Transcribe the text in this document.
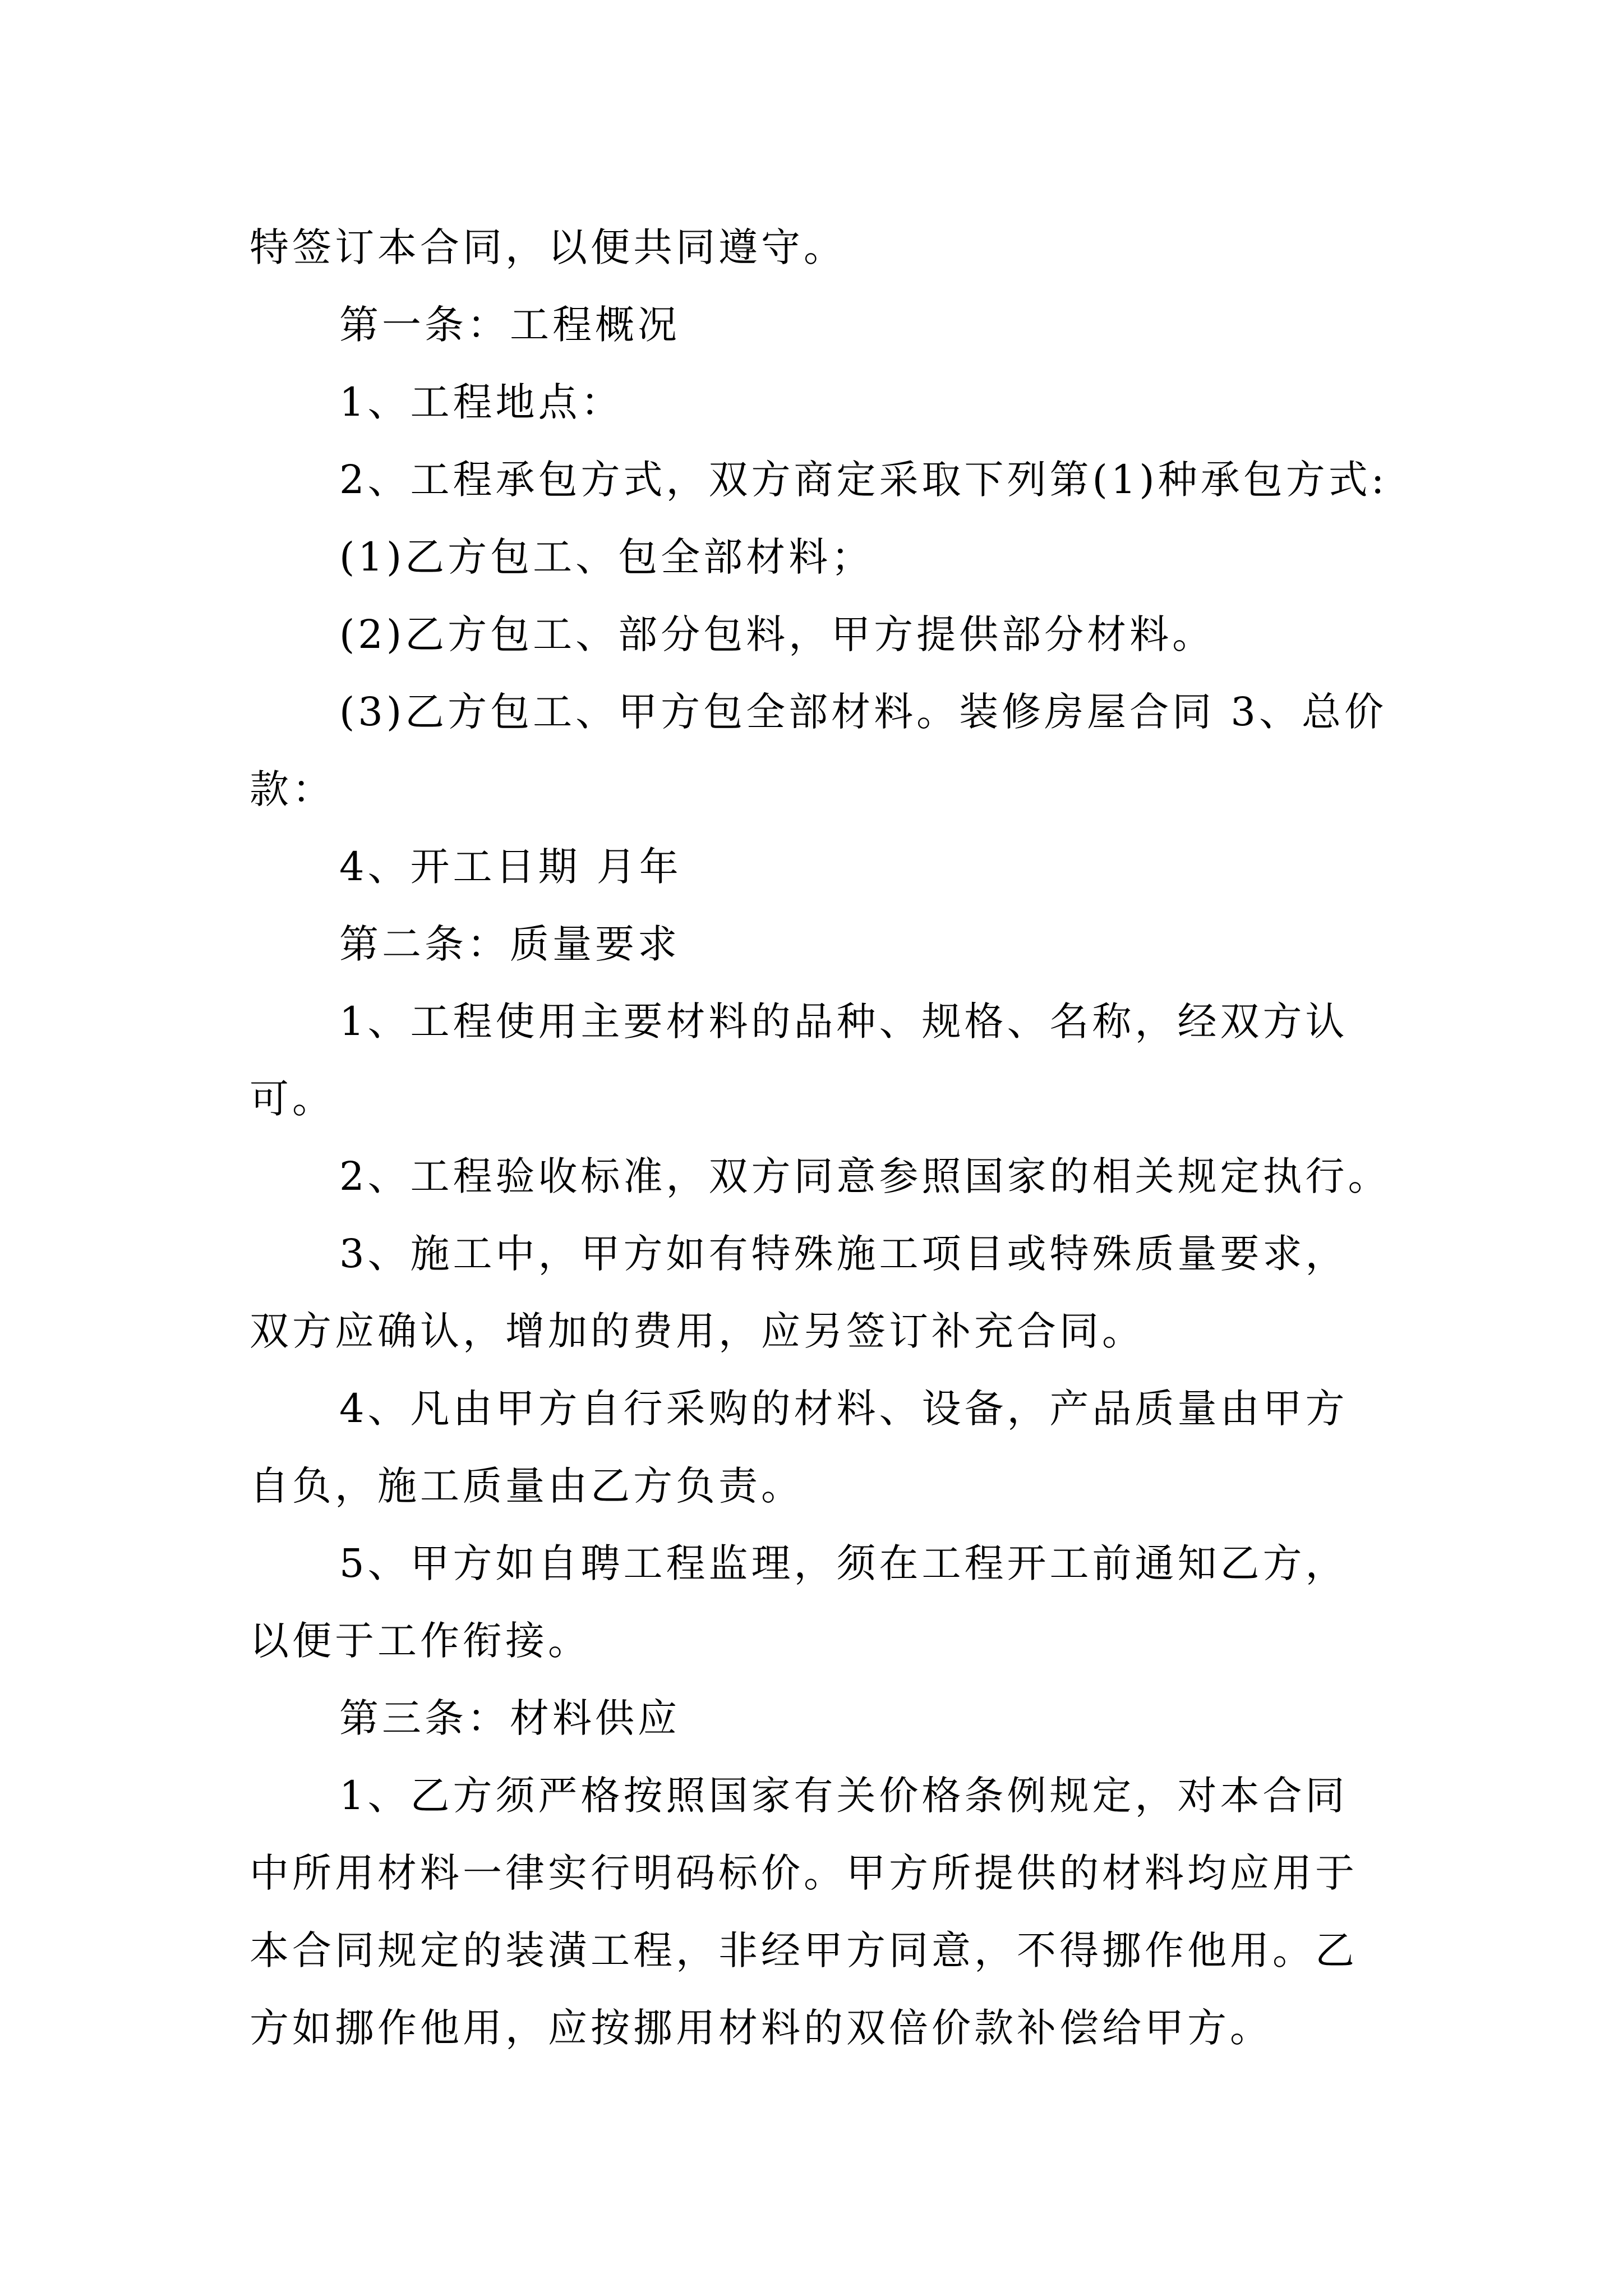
特签订本合同，以便共同遵守。
第一条：工程概况
1、工程地点：
2、工程承包方式，双方商定采取下列第(1)种承包方式:
(1)乙方包工、包全部材料；
(2)乙方包工、部分包料，甲方提供部分材料。
(3)乙方包工、甲方包全部材料。装修房屋合同 3、总价
款：
4、开工日期 月年
第二条：质量要求
1、工程使用主要材料的品种、规格、名称，经双方认
可。
2、工程验收标准，双方同意参照国家的相关规定执行。
3、施工中，甲方如有特殊施工项目或特殊质量要求，
双方应确认，增加的费用，应另签订补充合同。
4、凡由甲方自行采购的材料、设备，产品质量由甲方
自负，施工质量由乙方负责。
5、甲方如自聘工程监理，须在工程开工前通知乙方，
以便于工作衔接。
第三条：材料供应
1、乙方须严格按照国家有关价格条例规定，对本合同
中所用材料一律实行明码标价。甲方所提供的材料均应用于
本合同规定的装潢工程，非经甲方同意，不得挪作他用。乙
方如挪作他用，应按挪用材料的双倍价款补偿给甲方。
